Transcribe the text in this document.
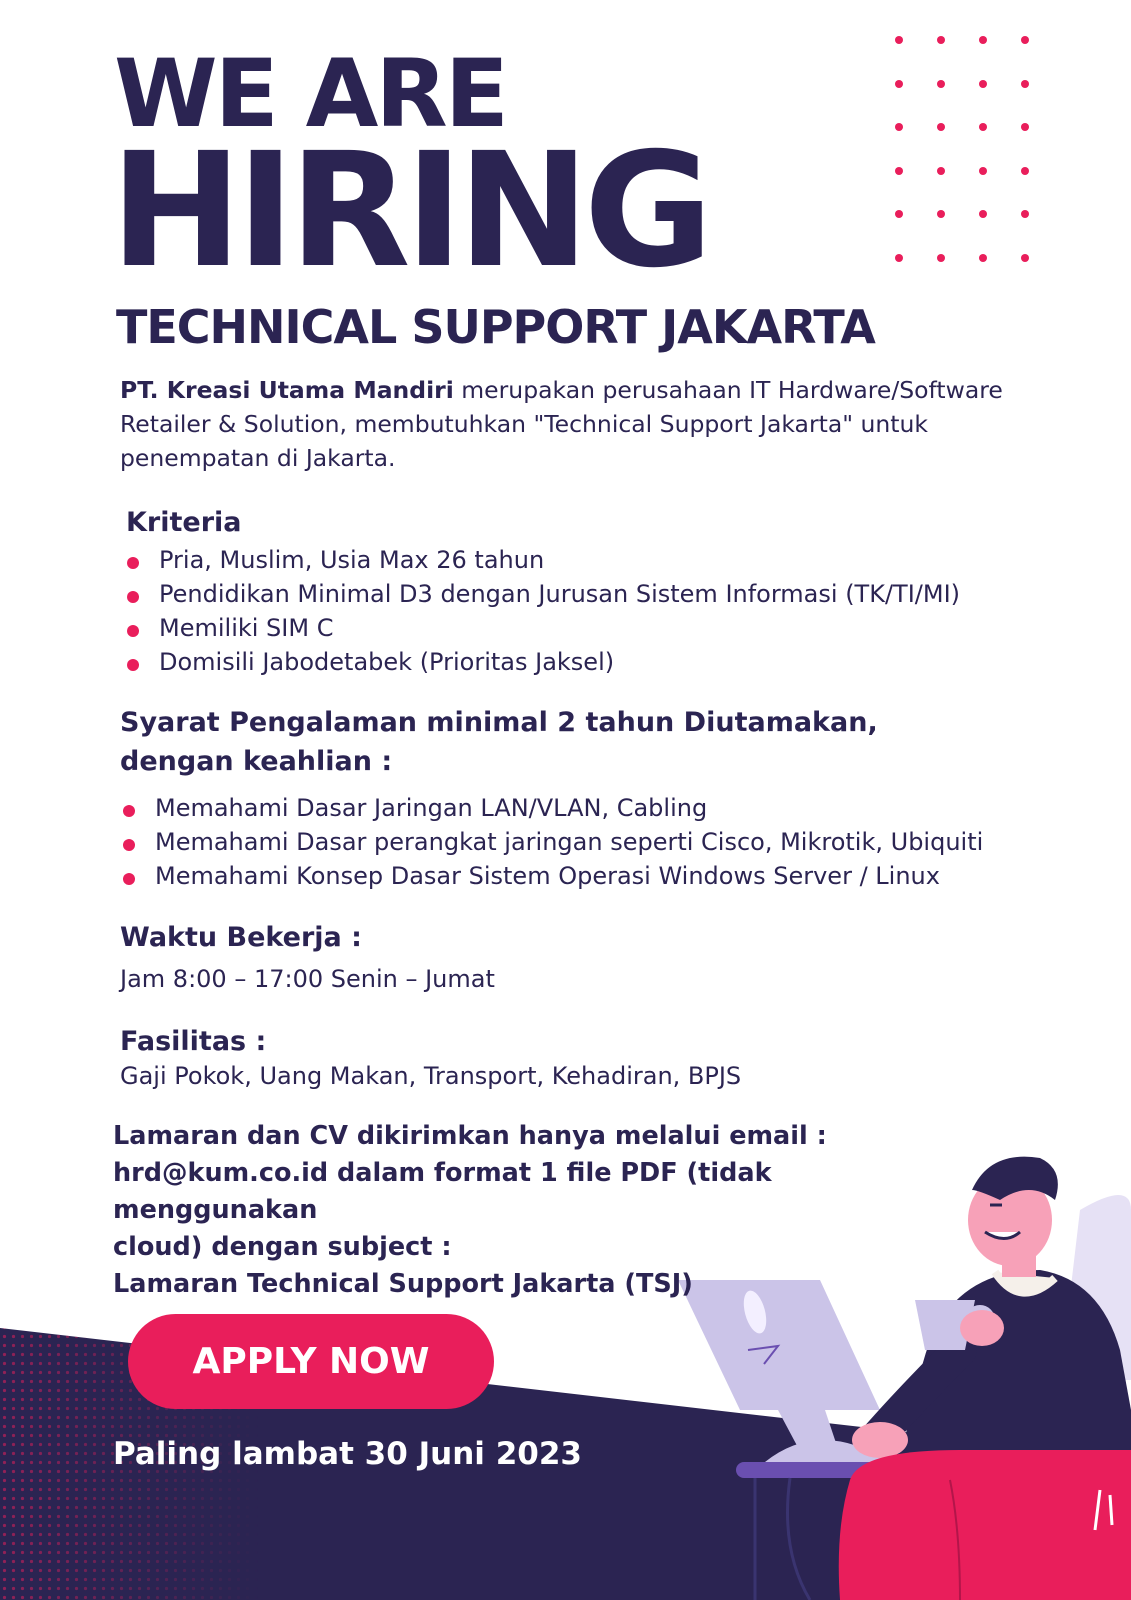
WE ARE
HIRING
TECHNICAL SUPPORT JAKARTA
PT. Kreasi Utama Mandiri merupakan perusahaan IT Hardware/Software Retailer & Solution, membutuhkan "Technical Support Jakarta" untuk penempatan di Jakarta.
Kriteria
Pria, Muslim, Usia Max 26 tahun
Pendidikan Minimal D3 dengan Jurusan Sistem Informasi (TK/TI/MI)
Memiliki SIM C
Domisili Jabodetabek (Prioritas Jaksel)
Syarat Pengalaman minimal 2 tahun Diutamakan,
dengan keahlian :
Memahami Dasar Jaringan LAN/VLAN, Cabling
Memahami Dasar perangkat jaringan seperti Cisco, Mikrotik, Ubiquiti
Memahami Konsep Dasar Sistem Operasi Windows Server / Linux
Waktu Bekerja :
Jam 8:00 – 17:00 Senin – Jumat
Fasilitas :
Gaji Pokok, Uang Makan, Transport, Kehadiran, BPJS
Lamaran dan CV dikirimkan hanya melalui email :
hrd@kum.co.id dalam format 1 file PDF (tidak menggunakan
cloud) dengan subject :
Lamaran Technical Support Jakarta (TSJ)
APPLY NOW
Paling lambat 30 Juni 2023
